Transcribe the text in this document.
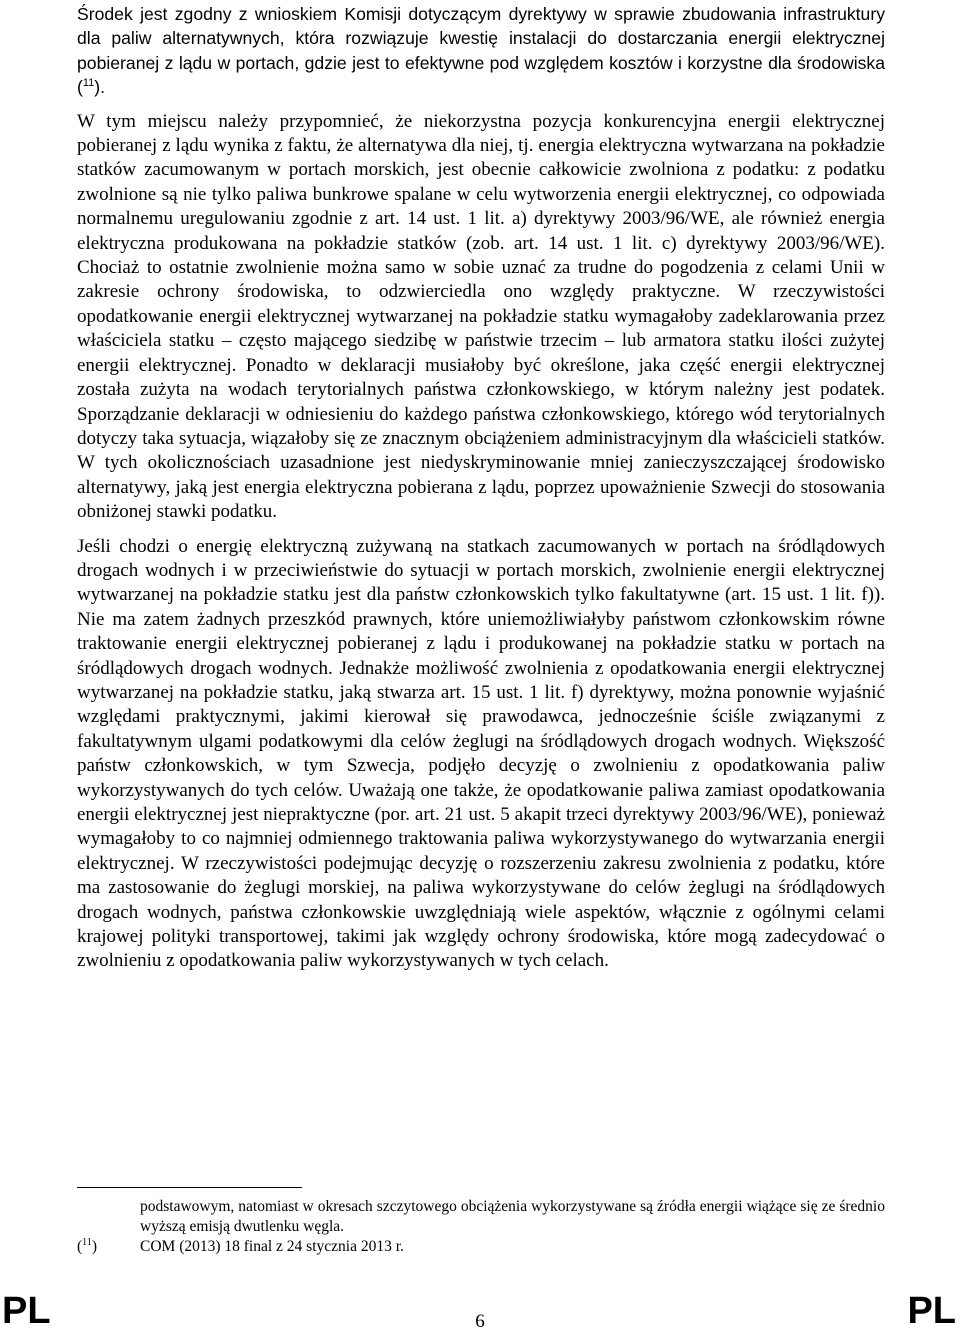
Środek jest zgodny z wnioskiem Komisji dotyczącym dyrektywy w sprawie zbudowania infrastruktury dla paliw alternatywnych, która rozwiązuje kwestię instalacji do dostarczania energii elektrycznej pobieranej z lądu w portach, gdzie jest to efektywne pod względem kosztów i korzystne dla środowiska ($^{11}$).

W tym miejscu należy przypomnieć, że niekorzystna pozycja konkurencyjna energii elektrycznej pobieranej z lądu wynika z faktu, że alternatywa dla niej, tj. energia elektryczna wytwarzana na pokładzie statków zacumowanym w portach morskich, jest obecnie całkowicie zwolniona z podatku: z podatku zwolnione są nie tylko paliwa bunkrowe spalane w celu wytworzenia energii elektrycznej, co odpowiada normalnemu uregulowaniu zgodnie z art. 14 ust. 1 lit. a) dyrektywy 2003/96/WE, ale również energia elektryczna produkowana na pokładzie statków (zob. art. 14 ust. 1 lit. c) dyrektywy 2003/96/WE). Chociaż to ostatnie zwolnienie można samo w sobie uznać za trudne do pogodzenia z celami Unii w zakresie ochrony środowiska, to odzwierciedla ono względy praktyczne. W rzeczywistości opodatkowanie energii elektrycznej wytwarzanej na pokładzie statku wymagałoby zadeklarowania przez właściciela statku – często mającego siedzibę w państwie trzecim – lub armatora statku ilości zużytej energii elektrycznej. Ponadto w deklaracji musiałoby być określone, jaka część energii elektrycznej została zużyta na wodach terytorialnych państwa członkowskiego, w którym należny jest podatek. Sporządzanie deklaracji w odniesieniu do każdego państwa członkowskiego, którego wód terytorialnych dotyczy taka sytuacja, wiązałoby się ze znacznym obciążeniem administracyjnym dla właścicieli statków. W tych okolicznościach uzasadnione jest niedyskryminowanie mniej zanieczyszczającej środowisko alternatywy, jaką jest energia elektryczna pobierana z lądu, poprzez upoważnienie Szwecji do stosowania obniżonej stawki podatku.

Jeśli chodzi o energię elektryczną zużywaną na statkach zacumowanych w portach na śródlądowych drogach wodnych i w przeciwieństwie do sytuacji w portach morskich, zwolnienie energii elektrycznej wytwarzanej na pokładzie statku jest dla państw członkowskich tylko fakultatywne (art. 15 ust. 1 lit. f)). Nie ma zatem żadnych przeszkód prawnych, które uniemożliwiałyby państwom członkowskim równe traktowanie energii elektrycznej pobieranej z lądu i produkowanej na pokładzie statku w portach na śródlądowych drogach wodnych. Jednakże możliwość zwolnienia z opodatkowania energii elektrycznej wytwarzanej na pokładzie statku, jaką stwarza art. 15 ust. 1 lit. f) dyrektywy, można ponownie wyjaśnić względami praktycznymi, jakimi kierował się prawodawca, jednocześnie ściśle związanymi z fakultatywnym ulgami podatkowymi dla celów żeglugi na śródlądowych drogach wodnych. Większość państw członkowskich, w tym Szwecja, podjęło decyzję o zwolnieniu z opodatkowania paliw wykorzystywanych do tych celów. Uważają one także, że opodatkowanie paliwa zamiast opodatkowania energii elektrycznej jest niepraktyczne (por. art. 21 ust. 5 akapit trzeci dyrektywy 2003/96/WE), ponieważ wymagałoby to co najmniej odmiennego traktowania paliwa wykorzystywanego do wytwarzania energii elektrycznej. W rzeczywistości podejmując decyzję o rozszerzeniu zakresu zwolnienia z podatku, które ma zastosowanie do żeglugi morskiej, na paliwa wykorzystywane do celów żeglugi na śródlądowych drogach wodnych, państwa członkowskie uwzględniają wiele aspektów, włącznie z ogólnymi celami krajowej polityki transportowej, takimi jak względy ochrony środowiska, które mogą zadecydować o zwolnieniu z opodatkowania paliw wykorzystywanych w tych celach.

podstawowym, natomiast w okresach szczytowego obciążenia wykorzystywane są źródła energii wiążące się ze średnio wyższą emisją dwutlenku węgla.
($^{11}$)	COM (2013) 18 final z 24 stycznia 2013 r.
PL	6	PL
